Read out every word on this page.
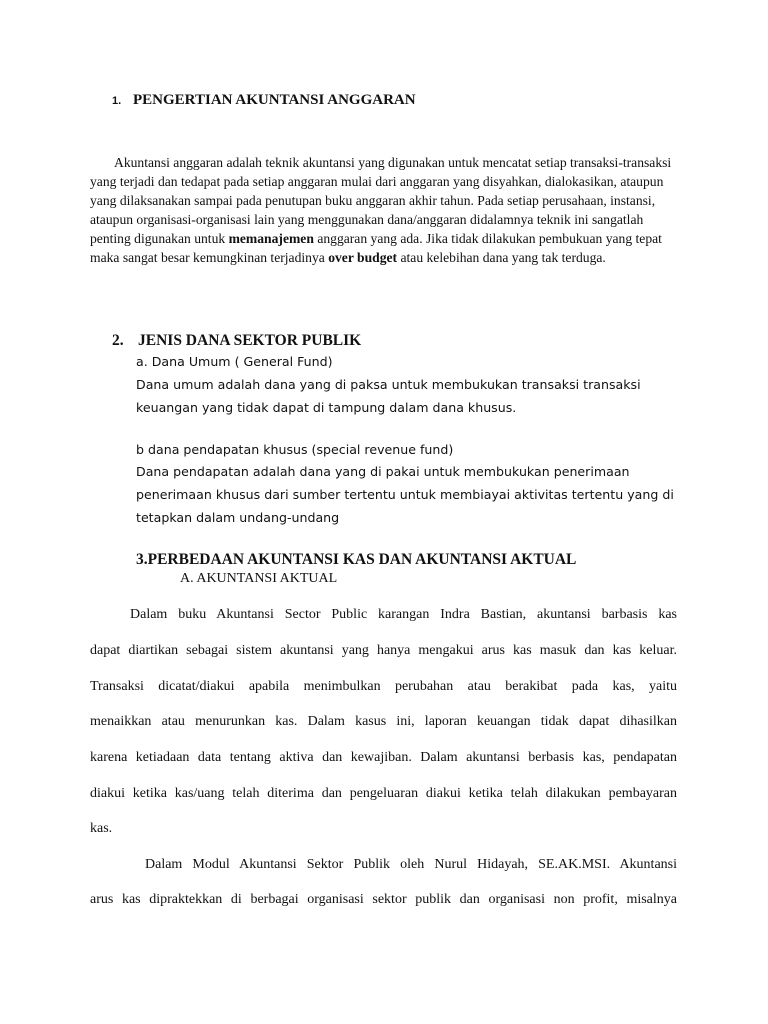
1. PENGERTIAN AKUNTANSI ANGGARAN

Akuntansi anggaran adalah teknik akuntansi yang digunakan untuk mencatat setiap transaksi-transaksi yang terjadi dan tedapat pada setiap anggaran mulai dari anggaran yang disyahkan, dialokasikan, ataupun yang dilaksanakan sampai pada penutupan buku anggaran akhir tahun. Pada setiap perusahaan, instansi, ataupun organisasi-organisasi lain yang menggunakan dana/anggaran didalamnya teknik ini sangatlah penting digunakan untuk memanajemen anggaran yang ada. Jika tidak dilakukan pembukuan yang tepat maka sangat besar kemungkinan terjadinya over budget atau kelebihan dana yang tak terduga.

2. JENIS DANA SEKTOR PUBLIK
a. Dana Umum ( General Fund)
Dana umum adalah dana yang di paksa untuk membukukan transaksi transaksi
keuangan yang tidak dapat di tampung dalam dana khusus.
b dana pendapatan khusus (special revenue fund)
Dana pendapatan adalah dana yang di pakai untuk membukukan penerimaan
penerimaan khusus dari sumber tertentu untuk membiayai aktivitas tertentu yang di
tetapkan dalam undang-undang
3.PERBEDAAN AKUNTANSI KAS DAN AKUNTANSI AKTUAL
A. AKUNTANSI AKTUAL
Dalam buku Akuntansi Sector Public karangan Indra Bastian, akuntansi barbasis kas
dapat diartikan sebagai sistem akuntansi yang hanya mengakui arus kas masuk dan kas keluar.
Transaksi dicatat/diakui apabila menimbulkan perubahan atau berakibat pada kas, yaitu
menaikkan atau menurunkan kas. Dalam kasus ini, laporan keuangan tidak dapat dihasilkan
karena ketiadaan data tentang aktiva dan kewajiban. Dalam akuntansi berbasis kas, pendapatan
diakui ketika kas/uang telah diterima dan pengeluaran diakui ketika telah dilakukan pembayaran
kas.
Dalam Modul Akuntansi Sektor Publik oleh Nurul Hidayah, SE.AK.MSI. Akuntansi
arus kas dipraktekkan di berbagai organisasi sektor publik dan organisasi non profit, misalnya
